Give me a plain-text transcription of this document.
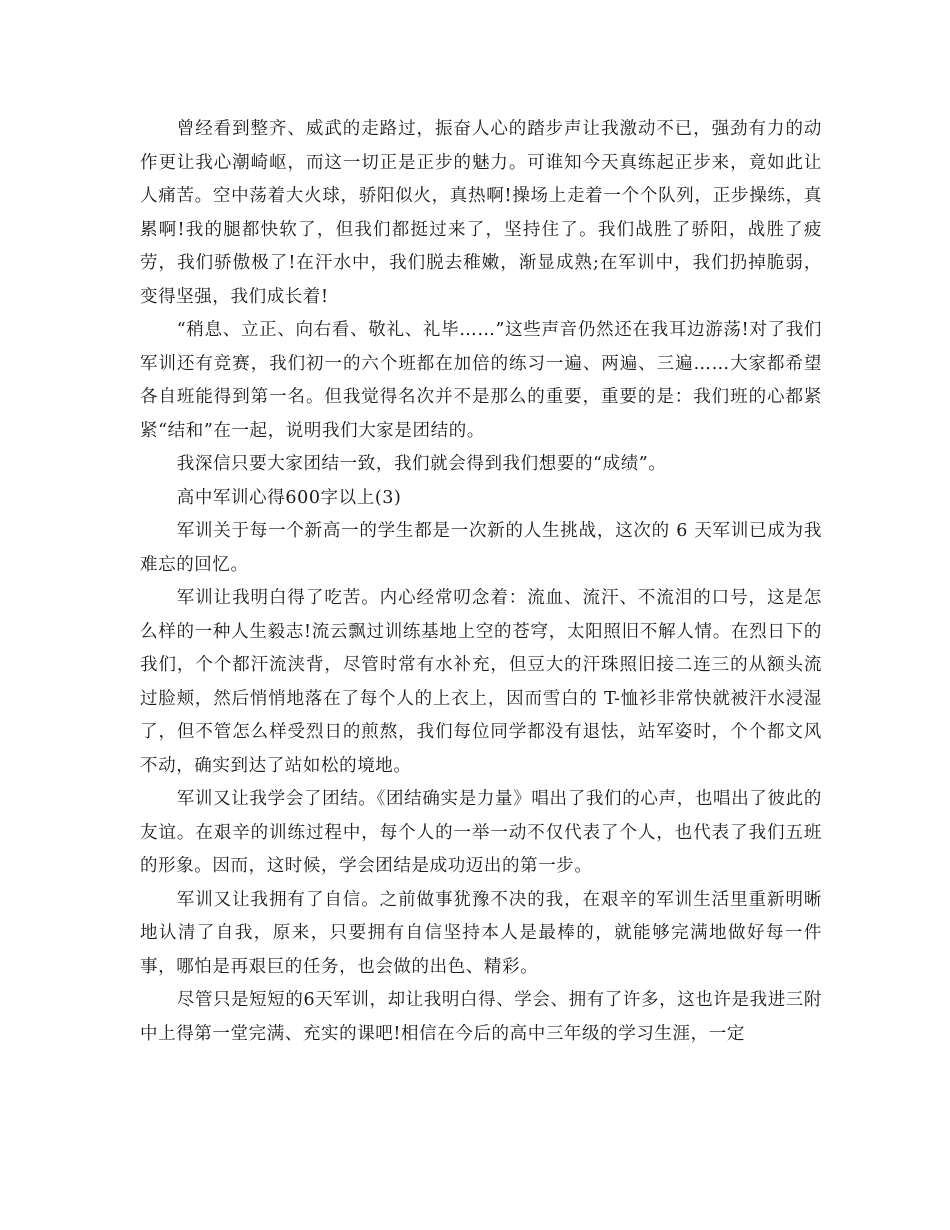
曾经看到整齐、威武的走路过，振奋人心的踏步声让我激动不已，强劲有力的动作更让我心潮崎岖，而这一切正是正步的魅力。可谁知今天真练起正步来，竟如此让人痛苦。空中荡着大火球，骄阳似火，真热啊!操场上走着一个个队列，正步操练，真累啊!我的腿都快软了，但我们都挺过来了，坚持住了。我们战胜了骄阳，战胜了疲劳，我们骄傲极了!在汗水中，我们脱去稚嫩，渐显成熟;在军训中，我们扔掉脆弱，变得坚强，我们成长着!

“稍息、立正、向右看、敬礼、礼毕……”这些声音仍然还在我耳边游荡!对了我们军训还有竞赛，我们初一的六个班都在加倍的练习一遍、两遍、三遍……大家都希望各自班能得到第一名。但我觉得名次并不是那么的重要，重要的是：我们班的心都紧紧“结和”在一起，说明我们大家是团结的。

我深信只要大家团结一致，我们就会得到我们想要的“成绩”。

高中军训心得600字以上(3)

军训关于每一个新高一的学生都是一次新的人生挑战，这次的 6 天军训已成为我难忘的回忆。

军训让我明白得了吃苦。内心经常叨念着：流血、流汗、不流泪的口号，这是怎么样的一种人生毅志!流云飘过训练基地上空的苍穹，太阳照旧不解人情。在烈日下的我们，个个都汗流浃背，尽管时常有水补充，但豆大的汗珠照旧接二连三的从额头流过脸颊，然后悄悄地落在了每个人的上衣上，因而雪白的 T-恤衫非常快就被汗水浸湿了，但不管怎么样受烈日的煎熬，我们每位同学都没有退怯，站军姿时，个个都文风不动，确实到达了站如松的境地。

军训又让我学会了团结。《团结确实是力量》唱出了我们的心声，也唱出了彼此的友谊。在艰辛的训练过程中，每个人的一举一动不仅代表了个人，也代表了我们五班的形象。因而，这时候，学会团结是成功迈出的第一步。

军训又让我拥有了自信。之前做事犹豫不决的我，在艰辛的军训生活里重新明晰地认清了自我，原来，只要拥有自信坚持本人是最棒的，就能够完满地做好每一件事，哪怕是再艰巨的任务，也会做的出色、精彩。

尽管只是短短的6天军训，却让我明白得、学会、拥有了许多，这也许是我进三附中上得第一堂完满、充实的课吧!相信在今后的高中三年级的学习生涯，一定
